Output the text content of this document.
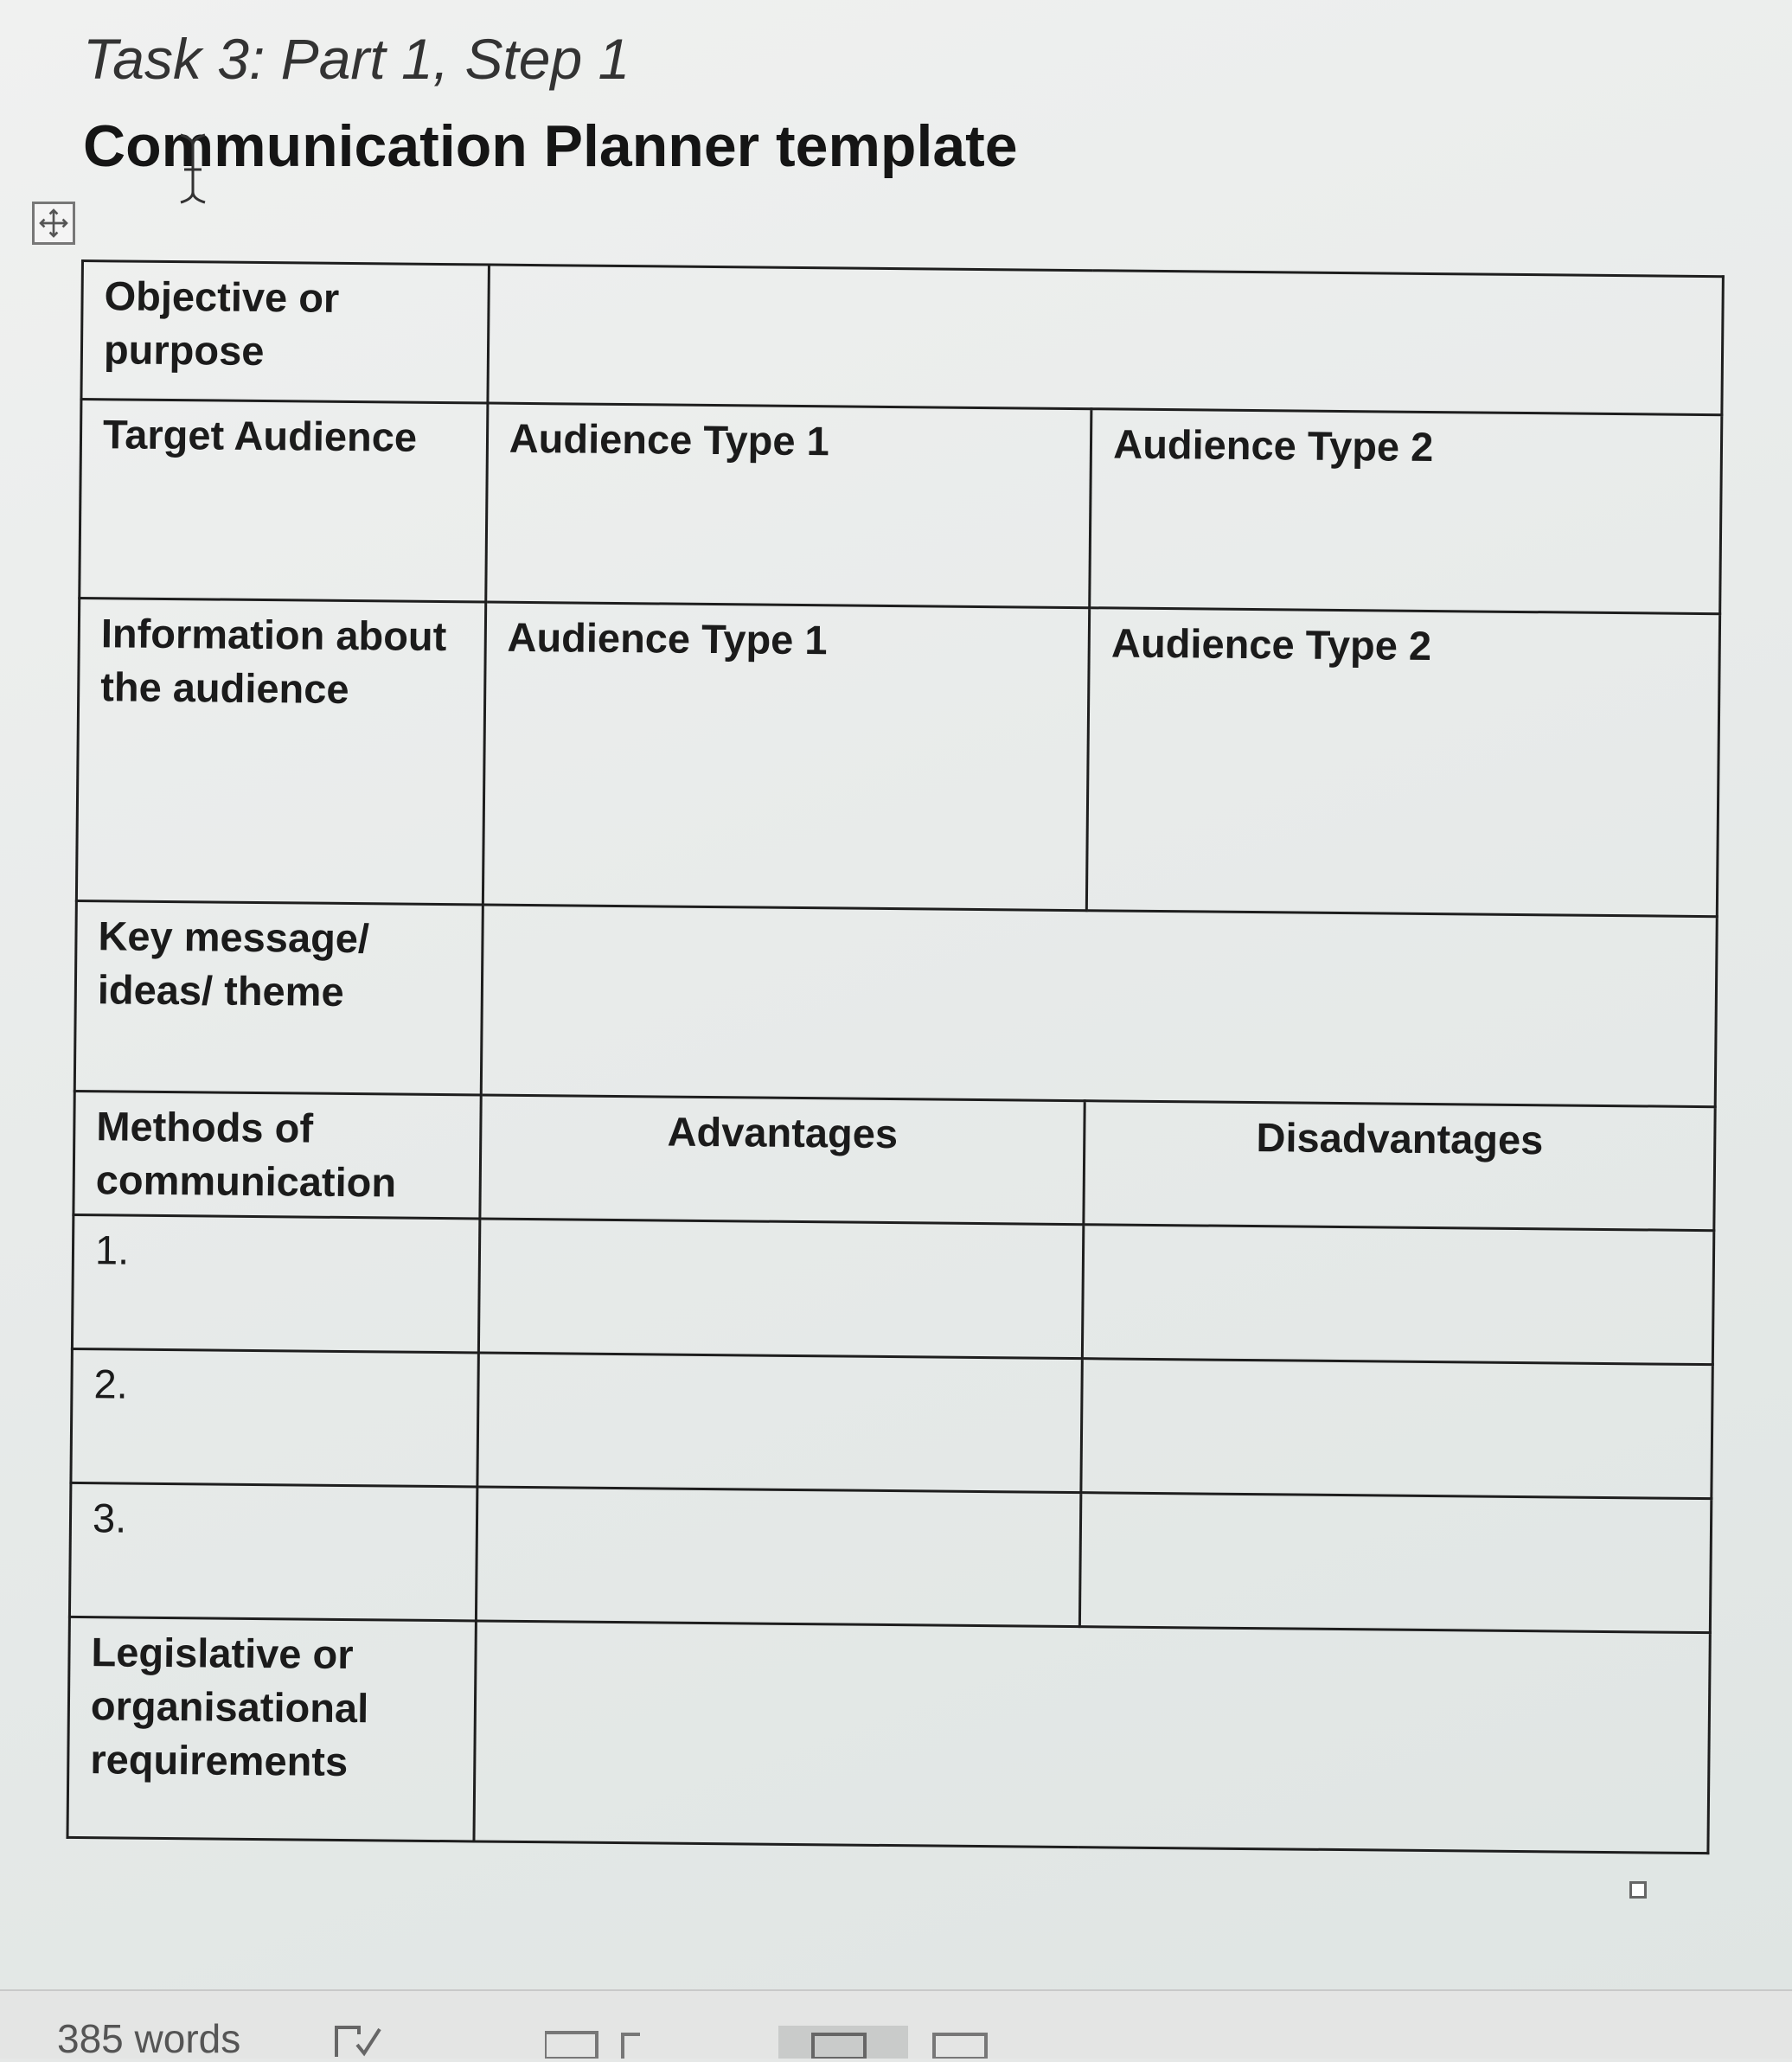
Task 3: Part 1, Step 1
Communication Planner template
Objective or purpose		
Target Audience	Audience Type 1	Audience Type 2
Information about the audience	Audience Type 1	Audience Type 2
Key message/ ideas/ theme		
Methods of communication	Advantages	Disadvantages
1.		
2.		
3.		
Legislative or organisational requirements		
385 words
